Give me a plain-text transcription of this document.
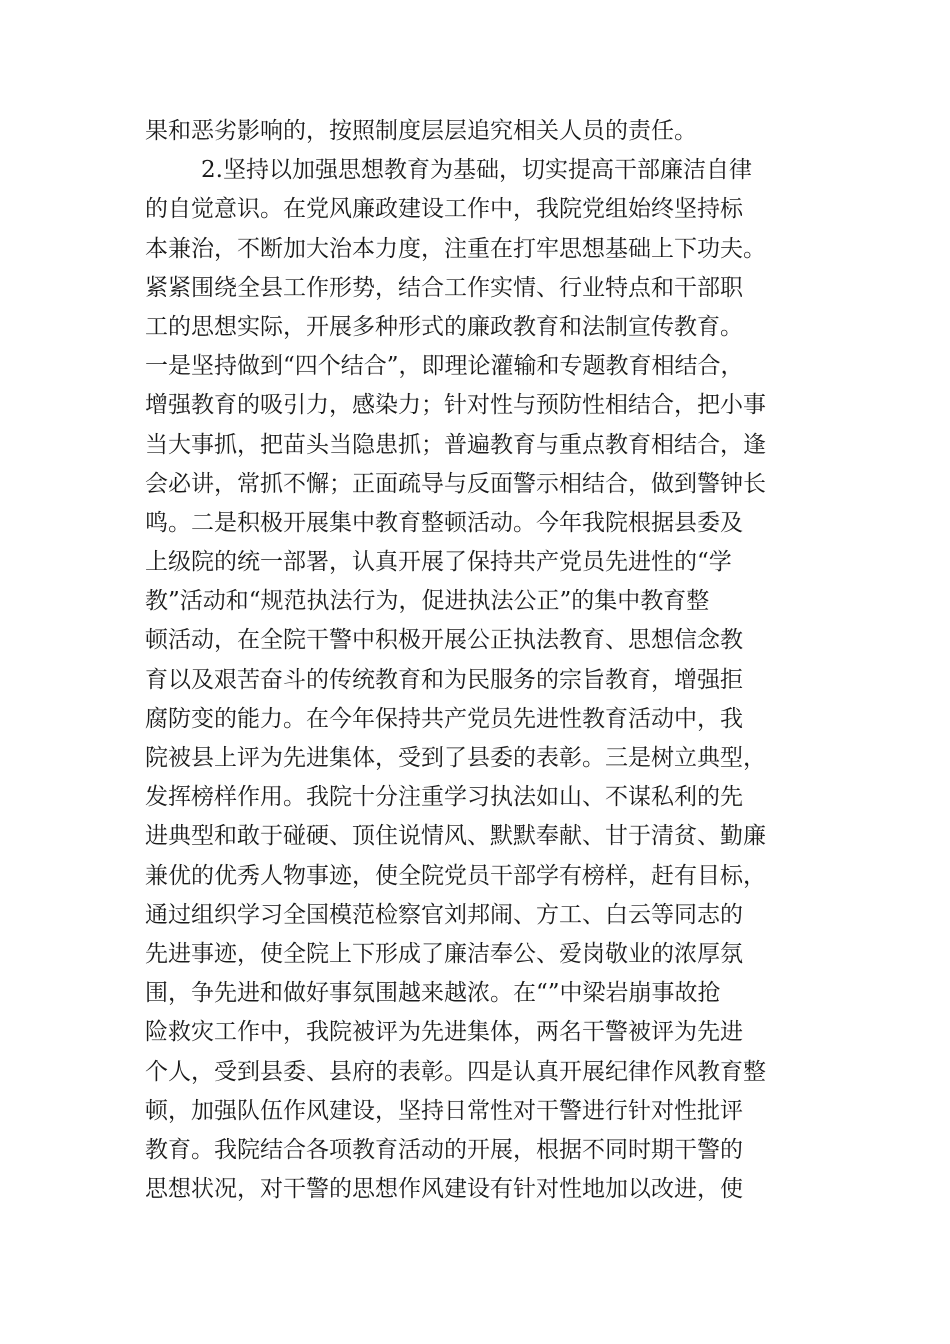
果和恶劣影响的，按照制度层层追究相关人员的责任。
2.坚持以加强思想教育为基础，切实提高干部廉洁自律
的自觉意识。在党风廉政建设工作中，我院党组始终坚持标
本兼治，不断加大治本力度，注重在打牢思想基础上下功夫。
紧紧围绕全县工作形势，结合工作实情、行业特点和干部职
工的思想实际，开展多种形式的廉政教育和法制宣传教育。
一是坚持做到“四个结合”，即理论灌输和专题教育相结合，
增强教育的吸引力，感染力；针对性与预防性相结合，把小事
当大事抓，把苗头当隐患抓；普遍教育与重点教育相结合，逢
会必讲，常抓不懈；正面疏导与反面警示相结合，做到警钟长
鸣。二是积极开展集中教育整顿活动。今年我院根据县委及
上级院的统一部署，认真开展了保持共产党员先进性的“学
教”活动和“规范执法行为，促进执法公正”的集中教育整
顿活动，在全院干警中积极开展公正执法教育、思想信念教
育以及艰苦奋斗的传统教育和为民服务的宗旨教育，增强拒
腐防变的能力。在今年保持共产党员先进性教育活动中，我
院被县上评为先进集体，受到了县委的表彰。三是树立典型，
发挥榜样作用。我院十分注重学习执法如山、不谋私利的先
进典型和敢于碰硬、顶住说情风、默默奉献、甘于清贫、勤廉
兼优的优秀人物事迹，使全院党员干部学有榜样，赶有目标，
通过组织学习全国模范检察官刘邦闹、方工、白云等同志的
先进事迹，使全院上下形成了廉洁奉公、爱岗敬业的浓厚氛
围，争先进和做好事氛围越来越浓。在“”中梁岩崩事故抢
险救灾工作中，我院被评为先进集体，两名干警被评为先进
个人，受到县委、县府的表彰。四是认真开展纪律作风教育整
顿，加强队伍作风建设，坚持日常性对干警进行针对性批评
教育。我院结合各项教育活动的开展，根据不同时期干警的
思想状况，对干警的思想作风建设有针对性地加以改进，使
